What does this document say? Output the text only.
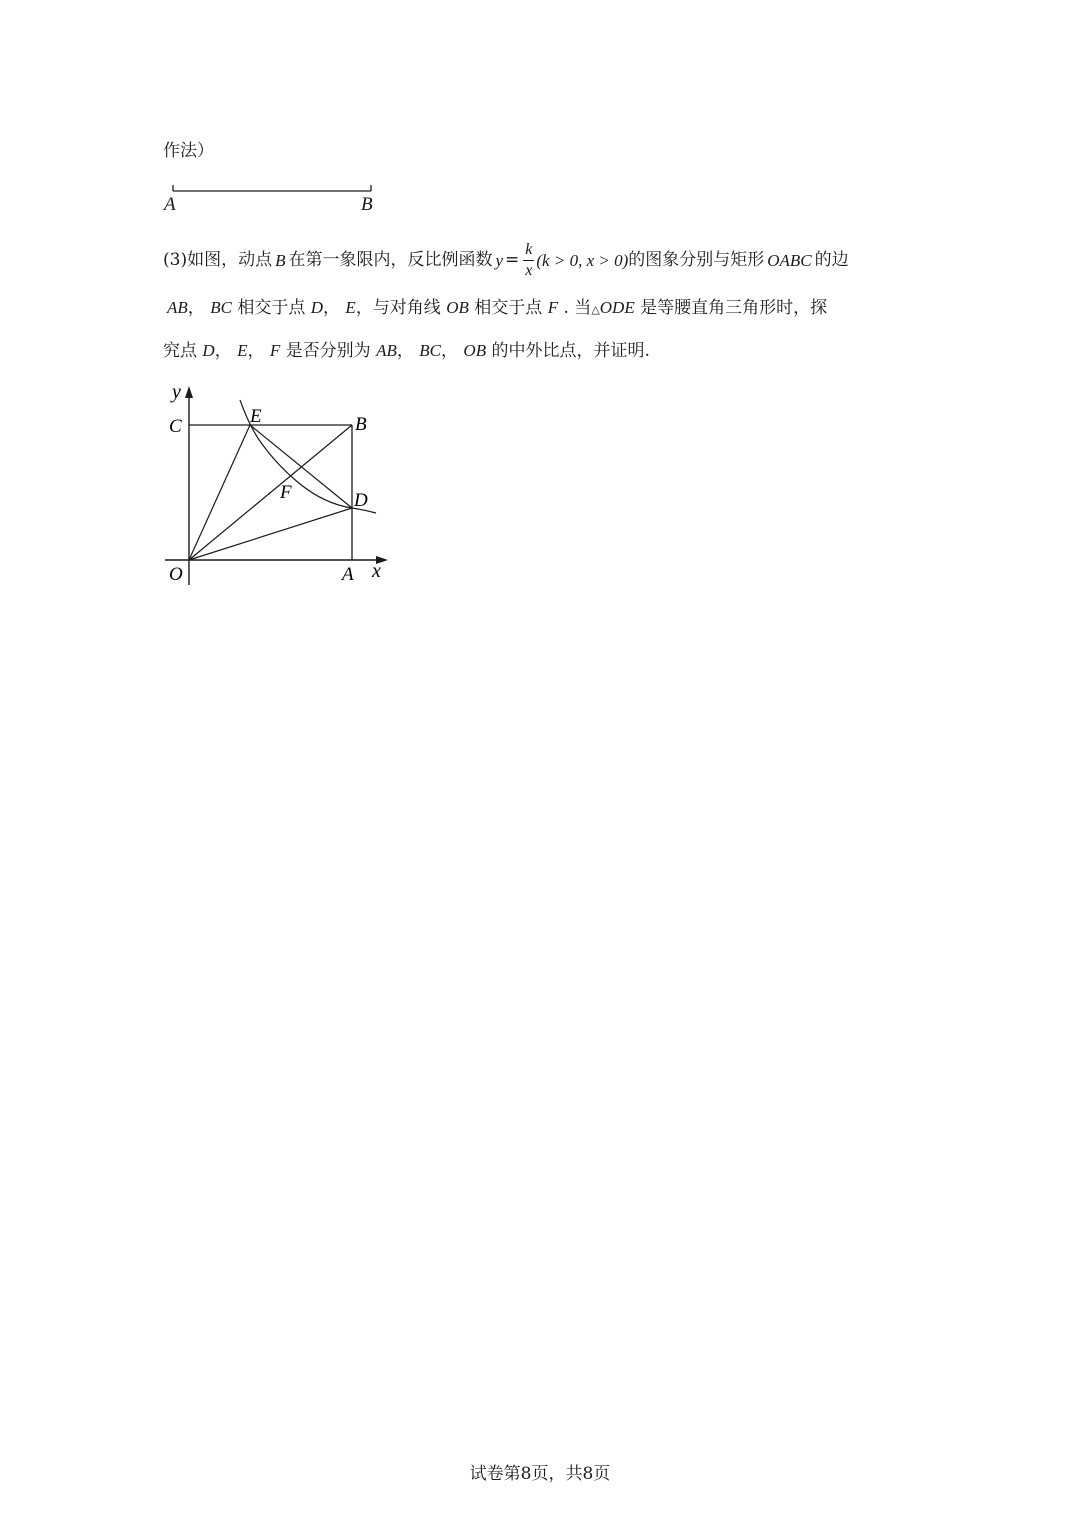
作法）
A	B
(3)如图，动点 B 在第一象限内，反比例函数 $y = \frac{k}{x} (k > 0$, x > 0) 的图象分别与矩形 OABC 的边
AB， BC 相交于点 D， E，与对角线 OB 相交于点 F . 当△ODE 是等腰直角三角形时，探
究点 D， E， F 是否分别为 AB， BC， OB 的中外比点，并证明.
y
C	E	B
F	D
O	A x
试卷第8页，共8页
